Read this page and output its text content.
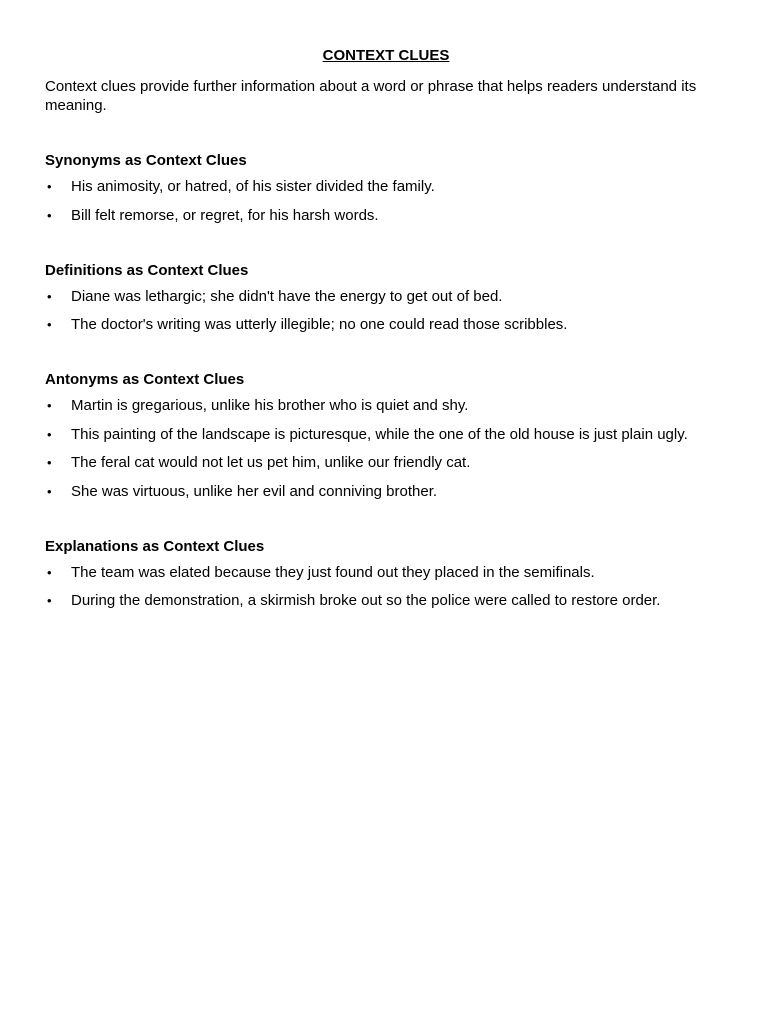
CONTEXT CLUES
Context clues provide further information about a word or phrase that helps readers understand its meaning.
Synonyms as Context Clues
• His animosity, or hatred, of his sister divided the family.
• Bill felt remorse, or regret, for his harsh words.
Definitions as Context Clues
• Diane was lethargic; she didn't have the energy to get out of bed.
• The doctor's writing was utterly illegible; no one could read those scribbles.
Antonyms as Context Clues
• Martin is gregarious, unlike his brother who is quiet and shy.
• This painting of the landscape is picturesque, while the one of the old house is just plain ugly.
• The feral cat would not let us pet him, unlike our friendly cat.
• She was virtuous, unlike her evil and conniving brother.
Explanations as Context Clues
• The team was elated because they just found out they placed in the semifinals.
• During the demonstration, a skirmish broke out so the police were called to restore order.
